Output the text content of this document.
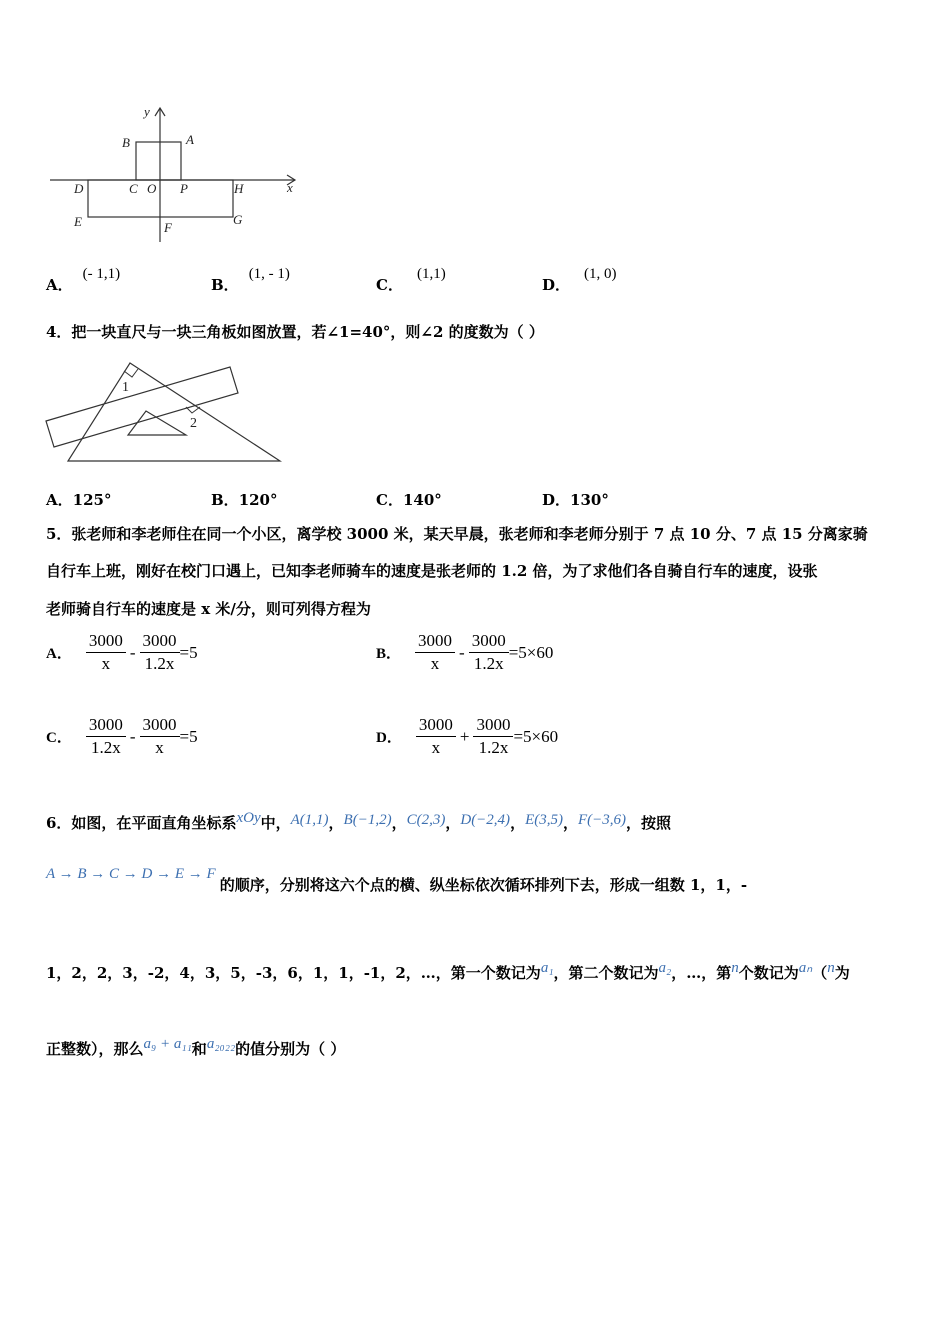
y
x
B	A
D	C O P	H
E	F
G
A．(- 1,1)
B．(1, - 1)
C．(1,1)
D．(1, 0)
4．把一块直尺与一块三角板如图放置，若∠1=40°，则∠2 的度数为（ ）
1
2
A．125°	B．120°	C．140°	D．130°
5．张老师和李老师住在同一个小区，离学校 3000 米，某天早晨，张老师和李老师分别于 7 点 10 分、7 点 15 分离家骑
自行车上班，刚好在校门口遇上，已知李老师骑车的速度是张老师的 1.2 倍，为了求他们各自骑自行车的速度，设张
老师骑自行车的速度是 x 米/分，则可列得方程为
A． $\frac{3000}{x} - \frac{3000}{1.2x} =5$	B． $\frac{3000}{x} - \frac{3000}{1.2x} =5\times 60$
C． $\frac{3000}{1.2x} - \frac{3000}{x} =5$	D． $\frac{3000}{x} + \frac{3000}{1.2x} =5\times 60$
6．如图，在平面直角坐标系xOy中，A(1,1)，B(−1,2)，C(2,3)，D(−2,4)，E(3,5)，F(−3,6)，按照
A → B → C → D → E → F的顺序，分别将这六个点的横、纵坐标依次循环排列下去，形成一组数 1，1，-
1，2，2，3，-2，4，3，5，-3，6，1，1，-1，2，…，第一个数记为a₁，第二个数记为a₂，…，第n个数记为aₙ（n为
正整数），那么a₉ + a₁₁和a₂₀₂₂的值分别为（ ）
